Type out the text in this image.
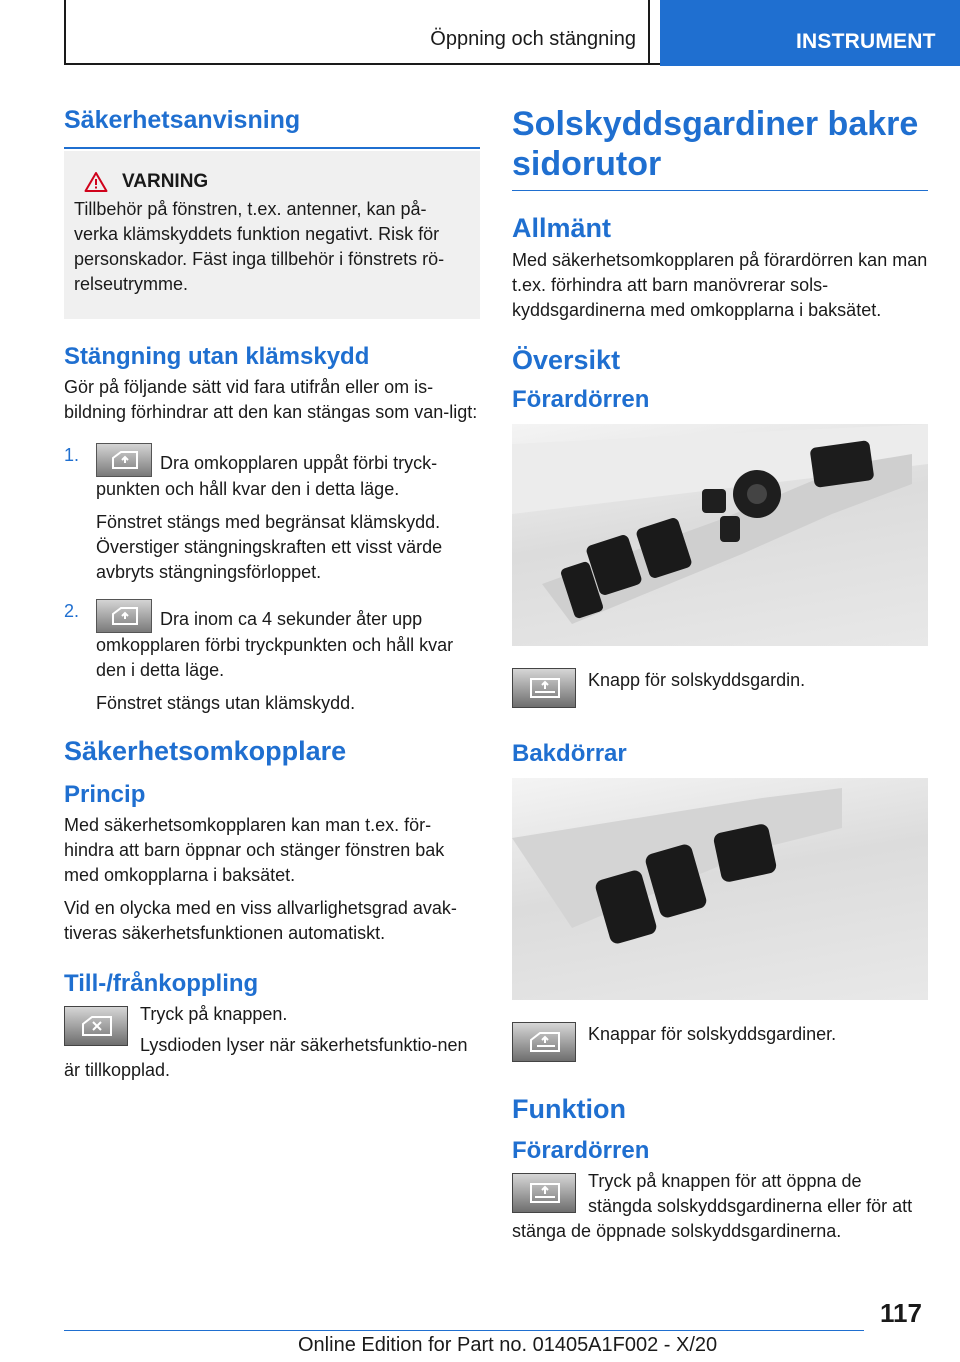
Öppning och stängning	INSTRUMENT
Säkerhetsanvisning
VARNING

Tillbehör på fönstren, t.ex. antenner, kan på-verka klämskyddets funktion negativt. Risk för personskador. Fäst inga tillbehör i fönstrets rö-relseutrymme.

Stängning utan klämskydd

Gör på följande sätt vid fara utifrån eller om is-bildning förhindrar att den kan stängas som van-ligt:

1.	Dra omkopplaren uppåt förbi tryck-punkten och håll kvar den i detta läge.

Fönstret stängs med begränsat klämskydd. Överstiger stängningskraften ett visst värde avbryts stängningsförloppet.

2.	Dra inom ca 4 sekunder åter upp omkopplaren förbi tryckpunkten och håll kvar den i detta läge.

Fönstret stängs utan klämskydd.

Säkerhetsomkopplare
Princip

Med säkerhetsomkopplaren kan man t.ex. för-hindra att barn öppnar och stänger fönstren bak med omkopplarna i baksätet.

Vid en olycka med en viss allvarlighetsgrad avak-tiveras säkerhetsfunktionen automatiskt.

Till-/frånkoppling

Tryck på knappen.

Lysdioden lyser när säkerhetsfunktio-nen är tillkopplad.

Solskyddsgardiner bakre sidorutor
Allmänt

Med säkerhetsomkopplaren på förardörren kan man t.ex. förhindra att barn manövrerar sols-kyddsgardinerna med omkopplarna i baksätet.

Översikt
Förardörren

Knapp för solskyddsgardin.

Bakdörrar

Knappar för solskyddsgardiner.

Funktion
Förardörren

Tryck på knappen för att öppna de stängda solskyddsgardinerna eller för att stänga de öppnade solskyddsgardinerna.

117
Online Edition for Part no. 01405A1F002 - X/20
